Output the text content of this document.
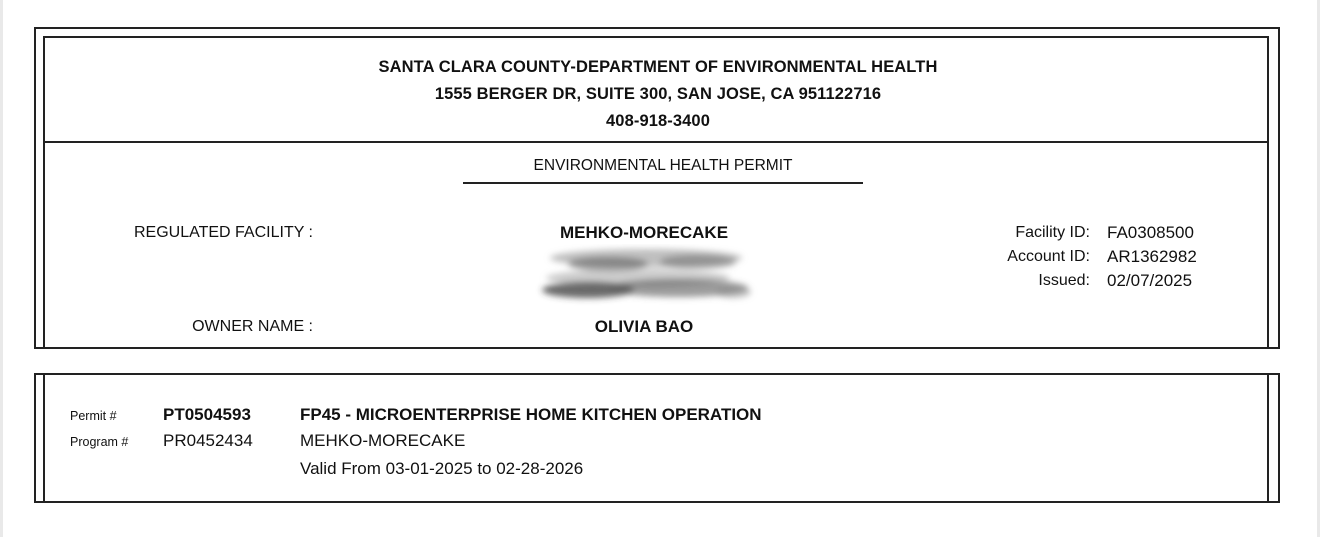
SANTA CLARA COUNTY-DEPARTMENT OF ENVIRONMENTAL HEALTH
1555 BERGER DR, SUITE 300, SAN JOSE, CA 951122716
408-918-3400
ENVIRONMENTAL HEALTH PERMIT
REGULATED FACILITY :	MEHKO-MORECAKE
OWNER NAME :	OLIVIA BAO
Facility ID:	FA0308500
Account ID:	AR1362982
Issued:	02/07/2025
Permit #	PT0504593	FP45 - MICROENTERPRISE HOME KITCHEN OPERATION
Program # PR0452434	MEHKO-MORECAKE
Valid From 03-01-2025 to 02-28-2026
